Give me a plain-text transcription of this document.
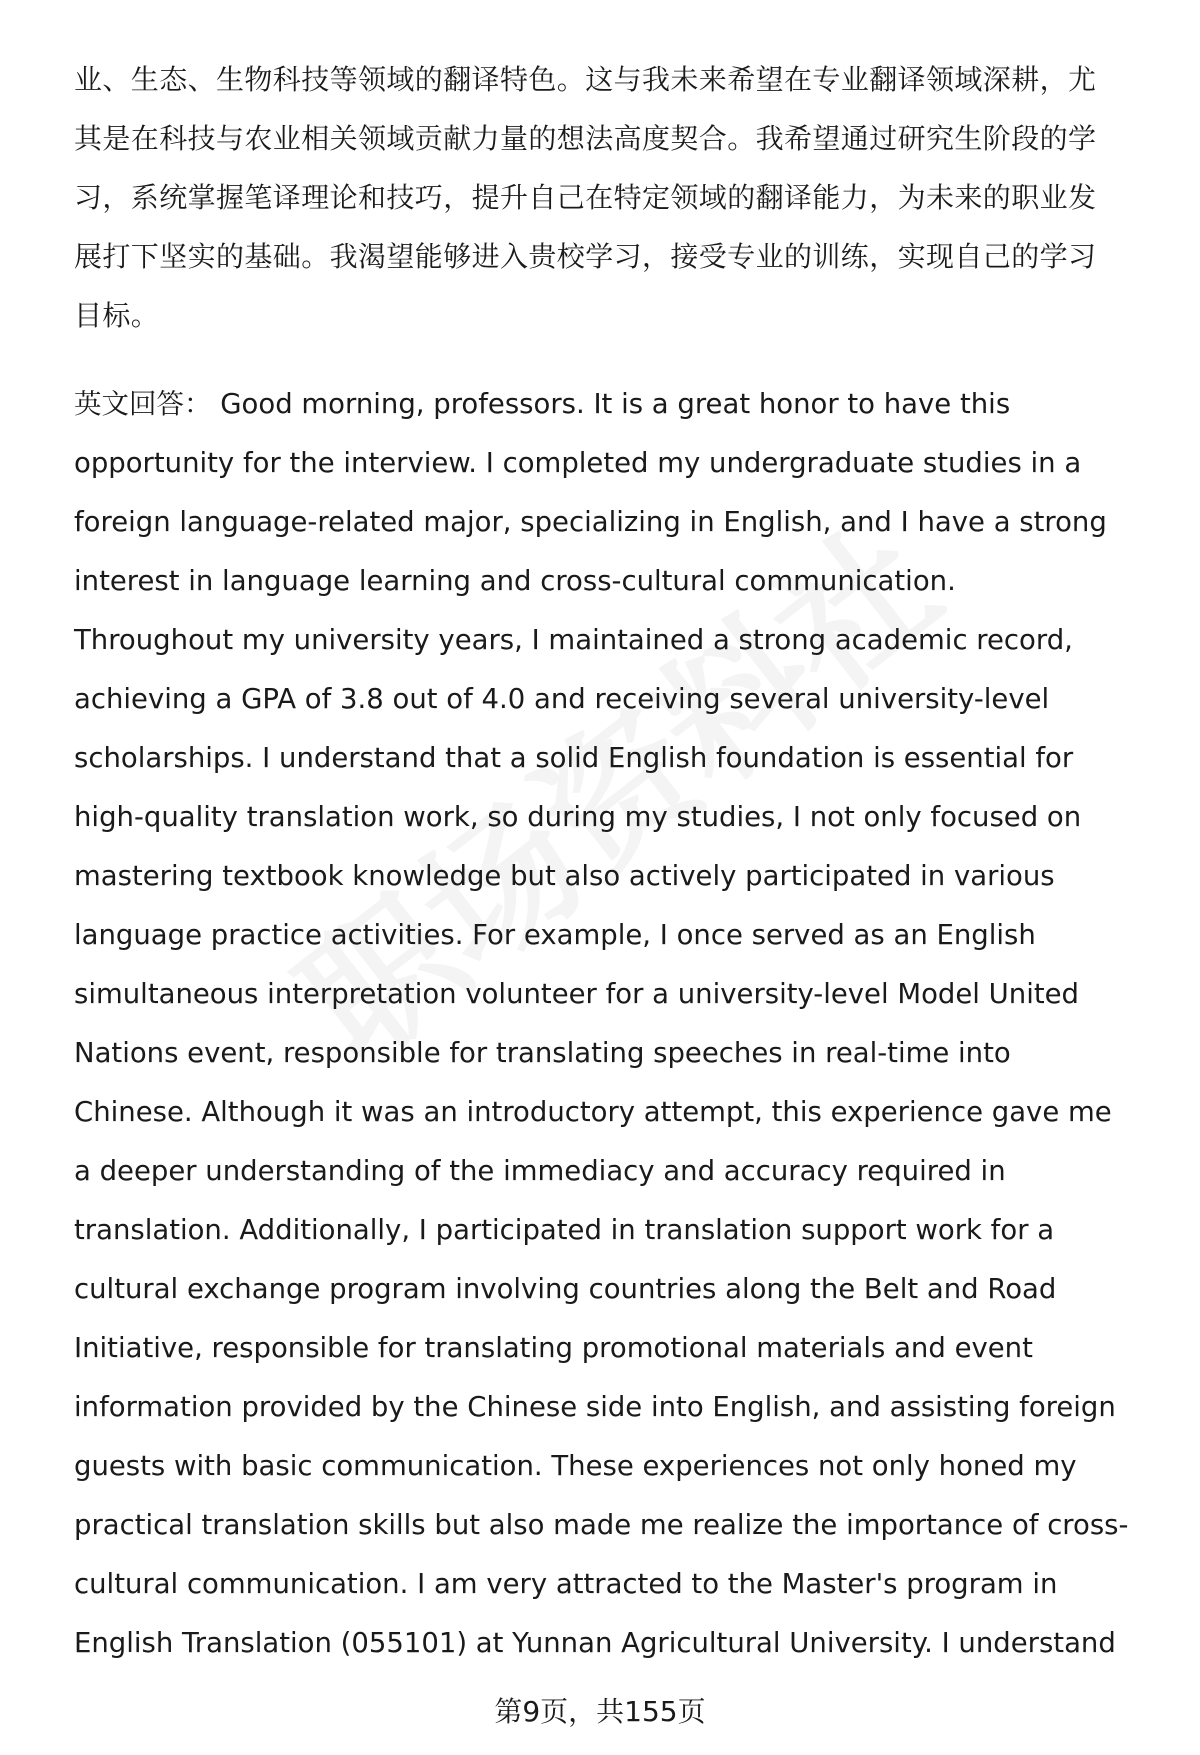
业、生态、生物科技等领域的翻译特色。这与我未来希望在专业翻译领域深耕，尤
其是在科技与农业相关领域贡献力量的想法高度契合。我希望通过研究生阶段的学
习，系统掌握笔译理论和技巧，提升自己在特定领域的翻译能力，为未来的职业发
展打下坚实的基础。我渴望能够进入贵校学习，接受专业的训练，实现自己的学习
目标。
英文回答： Good morning, professors. It is a great honor to have this
opportunity for the interview. I completed my undergraduate studies in a
foreign language-related major, specializing in English, and I have a strong
interest in language learning and cross-cultural communication.
Throughout my university years, I maintained a strong academic record,
achieving a GPA of 3.8 out of 4.0 and receiving several university-level
scholarships. I understand that a solid English foundation is essential for
high-quality translation work, so during my studies, I not only focused on
mastering textbook knowledge but also actively participated in various
language practice activities. For example, I once served as an English
simultaneous interpretation volunteer for a university-level Model United
Nations event, responsible for translating speeches in real-time into
Chinese. Although it was an introductory attempt, this experience gave me
a deeper understanding of the immediacy and accuracy required in
translation. Additionally, I participated in translation support work for a
cultural exchange program involving countries along the Belt and Road
Initiative, responsible for translating promotional materials and event
information provided by the Chinese side into English, and assisting foreign
guests with basic communication. These experiences not only honed my
practical translation skills but also made me realize the importance of cross-
cultural communication. I am very attracted to the Master's program in
English Translation (055101) at Yunnan Agricultural University. I understand
第9页，共155页
